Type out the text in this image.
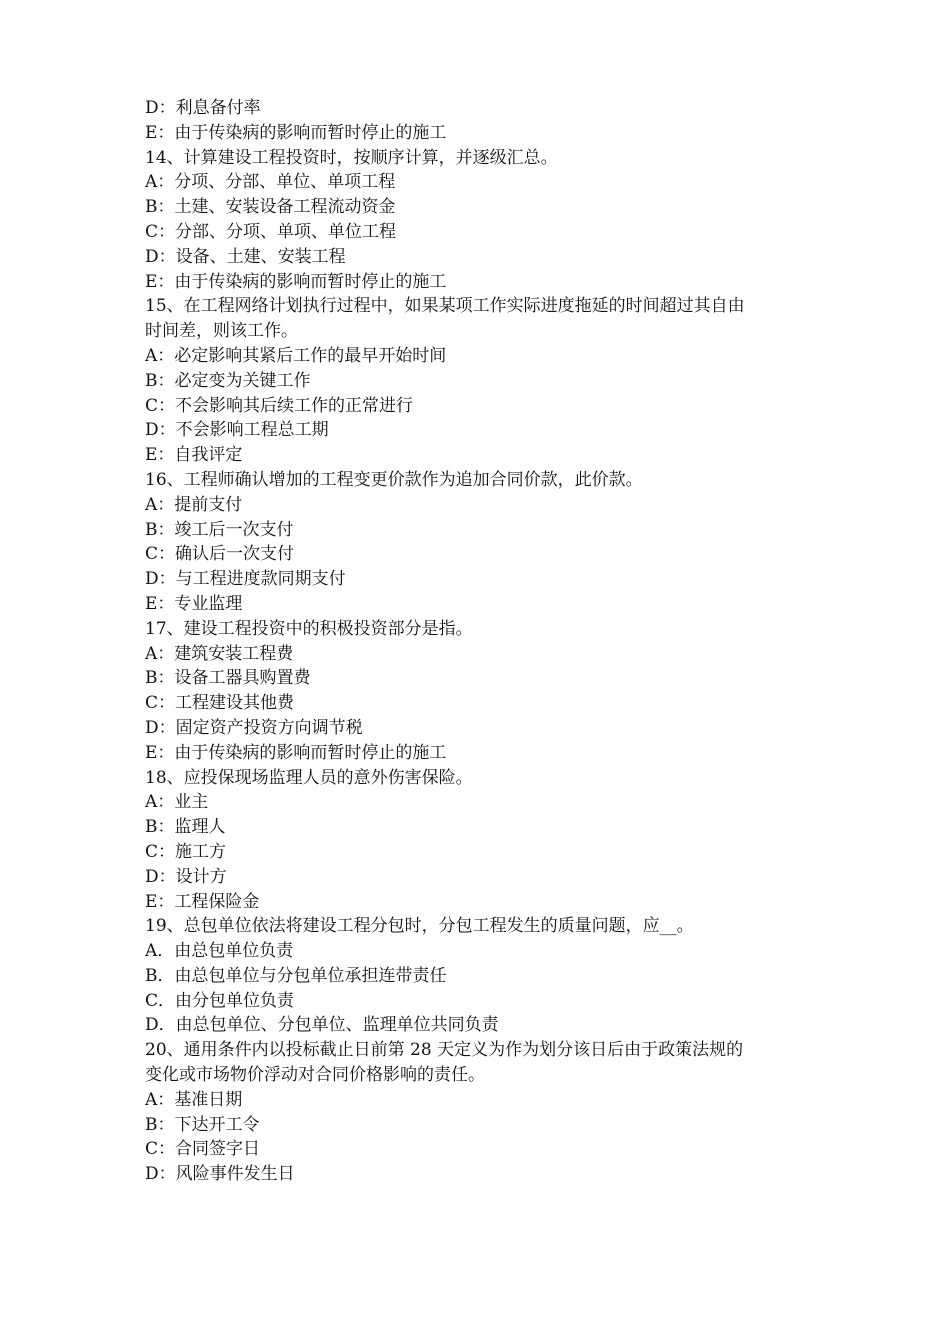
D：利息备付率
E：由于传染病的影响而暂时停止的施工
14、计算建设工程投资时，按顺序计算，并逐级汇总。
A：分项、分部、单位、单项工程
B：土建、安装设备工程流动资金
C：分部、分项、单项、单位工程
D：设备、土建、安装工程
E：由于传染病的影响而暂时停止的施工
15、在工程网络计划执行过程中，如果某项工作实际进度拖延的时间超过其自由
时间差，则该工作。
A：必定影响其紧后工作的最早开始时间
B：必定变为关键工作
C：不会影响其后续工作的正常进行
D：不会影响工程总工期
E：自我评定
16、工程师确认增加的工程变更价款作为追加合同价款，此价款。
A：提前支付
B：竣工后一次支付
C：确认后一次支付
D：与工程进度款同期支付
E：专业监理
17、建设工程投资中的积极投资部分是指。
A：建筑安装工程费
B：设备工器具购置费
C：工程建设其他费
D：固定资产投资方向调节税
E：由于传染病的影响而暂时停止的施工
18、应投保现场监理人员的意外伤害保险。
A：业主
B：监理人
C：施工方
D：设计方
E：工程保险金
19、总包单位依法将建设工程分包时，分包工程发生的质量问题，应__。
A．由总包单位负责
B．由总包单位与分包单位承担连带责任
C．由分包单位负责
D．由总包单位、分包单位、监理单位共同负责
20、通用条件内以投标截止日前第 28 天定义为作为划分该日后由于政策法规的
变化或市场物价浮动对合同价格影响的责任。
A：基准日期
B：下达开工令
C：合同签字日
D：风险事件发生日
